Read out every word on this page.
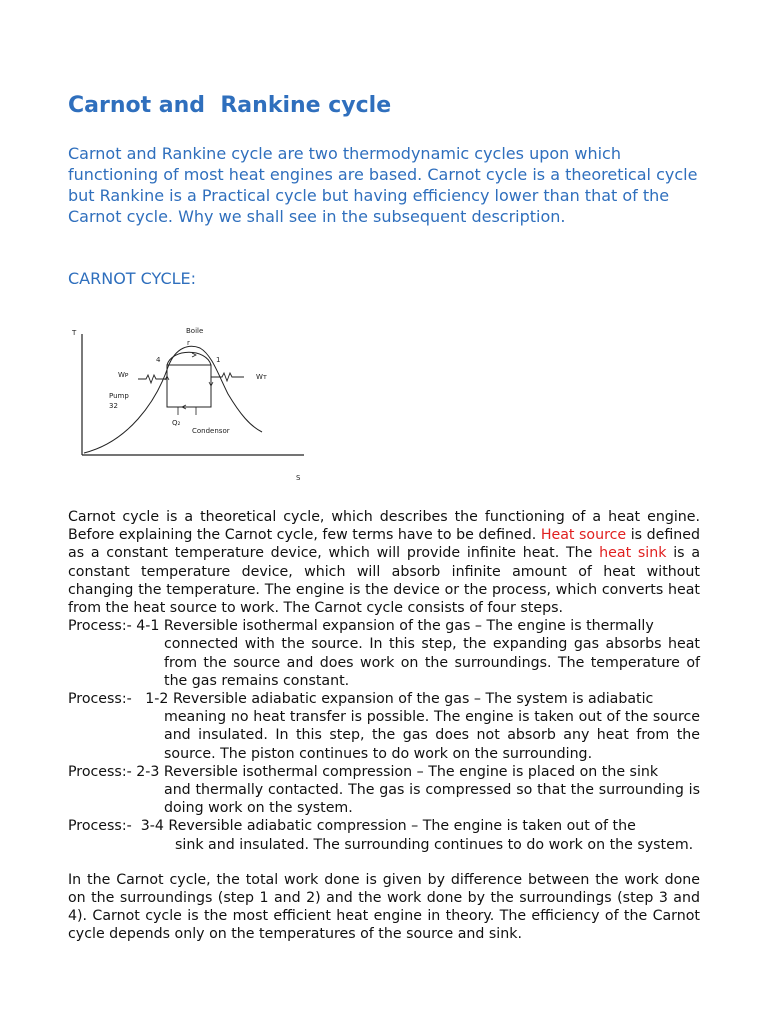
Carnot and  Rankine cycle

Carnot and Rankine cycle are two thermodynamic cycles upon which functioning of most heat engines are based. Carnot cycle is a theoretical cycle but Rankine is a Practical cycle but having efficiency lower than that of the Carnot cycle. Why we shall see in the subsequent description.

CARNOT CYCLE:

T
S
Boile
r
4	1
Wᴘ	Wᴛ
Pump
32
Q₂
Condensor

Carnot cycle is a theoretical cycle, which describes the functioning of a heat engine. Before explaining the Carnot cycle, few terms have to be defined. Heat source is defined as a constant temperature device, which will provide infinite heat. The heat sink is a constant temperature device, which will absorb infinite amount of heat without changing the temperature. The engine is the device or the process, which converts heat from the heat source to work. The Carnot cycle consists of four steps.

Process:- 4-1 Reversible isothermal expansion of the gas – The engine is thermally

connected with the source. In this step, the expanding gas absorbs heat from the source and does work on the surroundings. The temperature of the gas remains constant.

Process:-   1-2 Reversible adiabatic expansion of the gas – The system is adiabatic

meaning no heat transfer is possible. The engine is taken out of the source and insulated. In this step, the gas does not absorb any heat from the source. The piston continues to do work on the surrounding.

Process:- 2-3 Reversible isothermal compression – The engine is placed on the sink

and thermally contacted. The gas is compressed so that the surrounding is doing work on the system.

Process:-  3-4 Reversible adiabatic compression – The engine is taken out of the

sink and insulated. The surrounding continues to do work on the system.

In the Carnot cycle, the total work done is given by difference between the work done on the surroundings (step 1 and 2) and the work done by the surroundings (step 3 and 4). Carnot cycle is the most efficient heat engine in theory. The efficiency of the Carnot cycle depends only on the temperatures of the source and sink.
